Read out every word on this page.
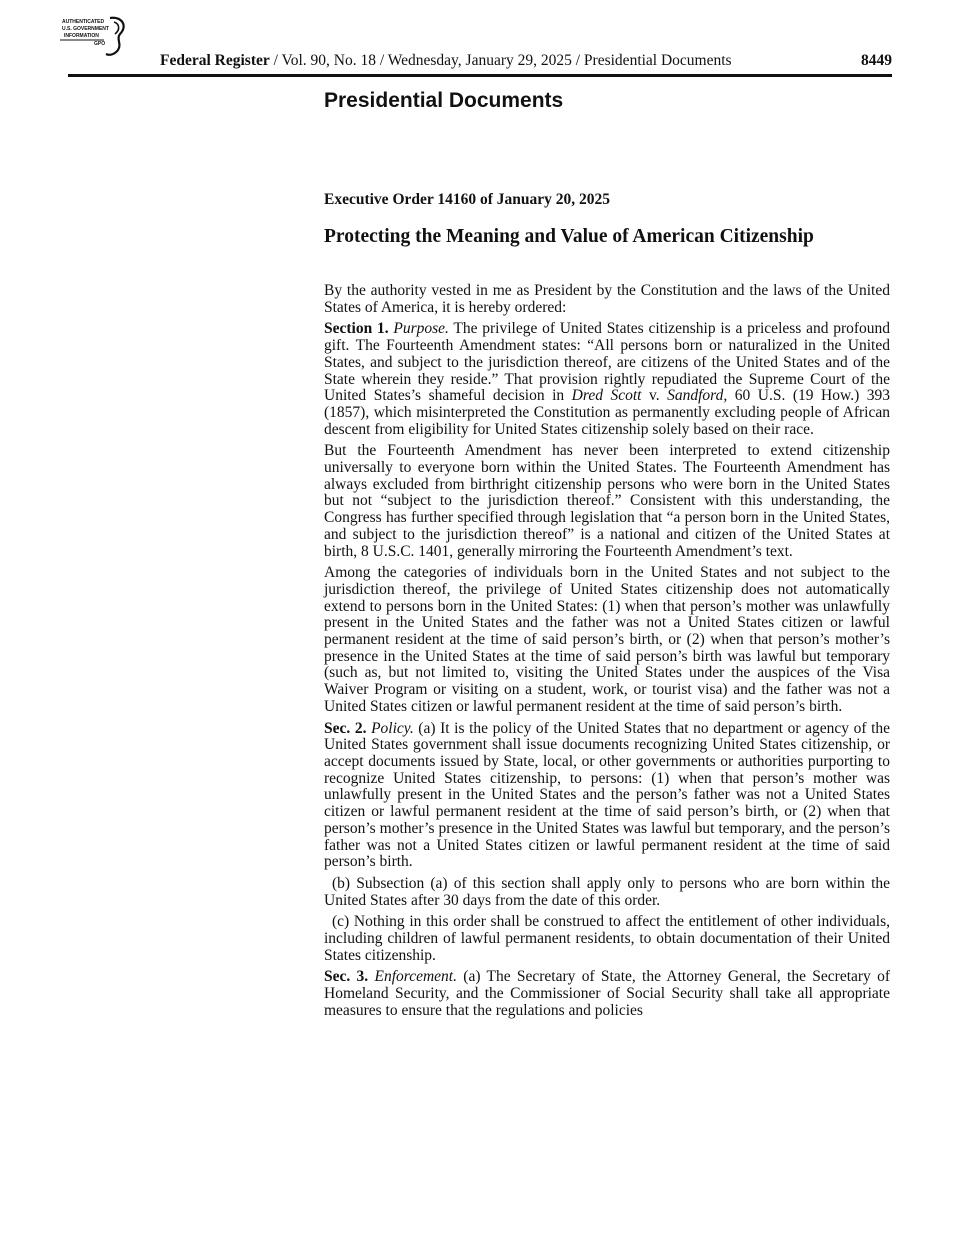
AUTHENTICATED
U.S. GOVERNMENT
INFORMATION
GPO
Federal Register / Vol. 90, No. 18 / Wednesday, January 29, 2025 / Presidential Documents	8449
Presidential Documents
Executive Order 14160 of January 20, 2025
Protecting the Meaning and Value of American Citizenship

By the authority vested in me as President by the Constitution and the laws of the United States of America, it is hereby ordered:

Section 1. Purpose. The privilege of United States citizenship is a priceless and profound gift. The Fourteenth Amendment states: “All persons born or naturalized in the United States, and subject to the jurisdiction thereof, are citizens of the United States and of the State wherein they reside.” That provision rightly repudiated the Supreme Court of the United States’s shameful decision in Dred Scott v. Sandford, 60 U.S. (19 How.) 393 (1857), which misinterpreted the Constitution as permanently excluding people of African descent from eligibility for United States citizenship solely based on their race.

But the Fourteenth Amendment has never been interpreted to extend citizenship universally to everyone born within the United States. The Fourteenth Amendment has always excluded from birthright citizenship persons who were born in the United States but not “subject to the jurisdiction thereof.” Consistent with this understanding, the Congress has further specified through legislation that “a person born in the United States, and subject to the jurisdiction thereof” is a national and citizen of the United States at birth, 8 U.S.C. 1401, generally mirroring the Fourteenth Amendment’s text.

Among the categories of individuals born in the United States and not subject to the jurisdiction thereof, the privilege of United States citizenship does not automatically extend to persons born in the United States: (1) when that person’s mother was unlawfully present in the United States and the father was not a United States citizen or lawful permanent resident at the time of said person’s birth, or (2) when that person’s mother’s presence in the United States at the time of said person’s birth was lawful but temporary (such as, but not limited to, visiting the United States under the auspices of the Visa Waiver Program or visiting on a student, work, or tourist visa) and the father was not a United States citizen or lawful permanent resident at the time of said person’s birth.

Sec. 2. Policy. (a) It is the policy of the United States that no department or agency of the United States government shall issue documents recognizing United States citizenship, or accept documents issued by State, local, or other governments or authorities purporting to recognize United States citizenship, to persons: (1) when that person’s mother was unlawfully present in the United States and the person’s father was not a United States citizen or lawful permanent resident at the time of said person’s birth, or (2) when that person’s mother’s presence in the United States was lawful but temporary, and the person’s father was not a United States citizen or lawful permanent resident at the time of said person’s birth.

(b) Subsection (a) of this section shall apply only to persons who are born within the United States after 30 days from the date of this order.

(c) Nothing in this order shall be construed to affect the entitlement of other individuals, including children of lawful permanent residents, to obtain documentation of their United States citizenship.

Sec. 3. Enforcement. (a) The Secretary of State, the Attorney General, the Secretary of Homeland Security, and the Commissioner of Social Security shall take all appropriate measures to ensure that the regulations and policies
